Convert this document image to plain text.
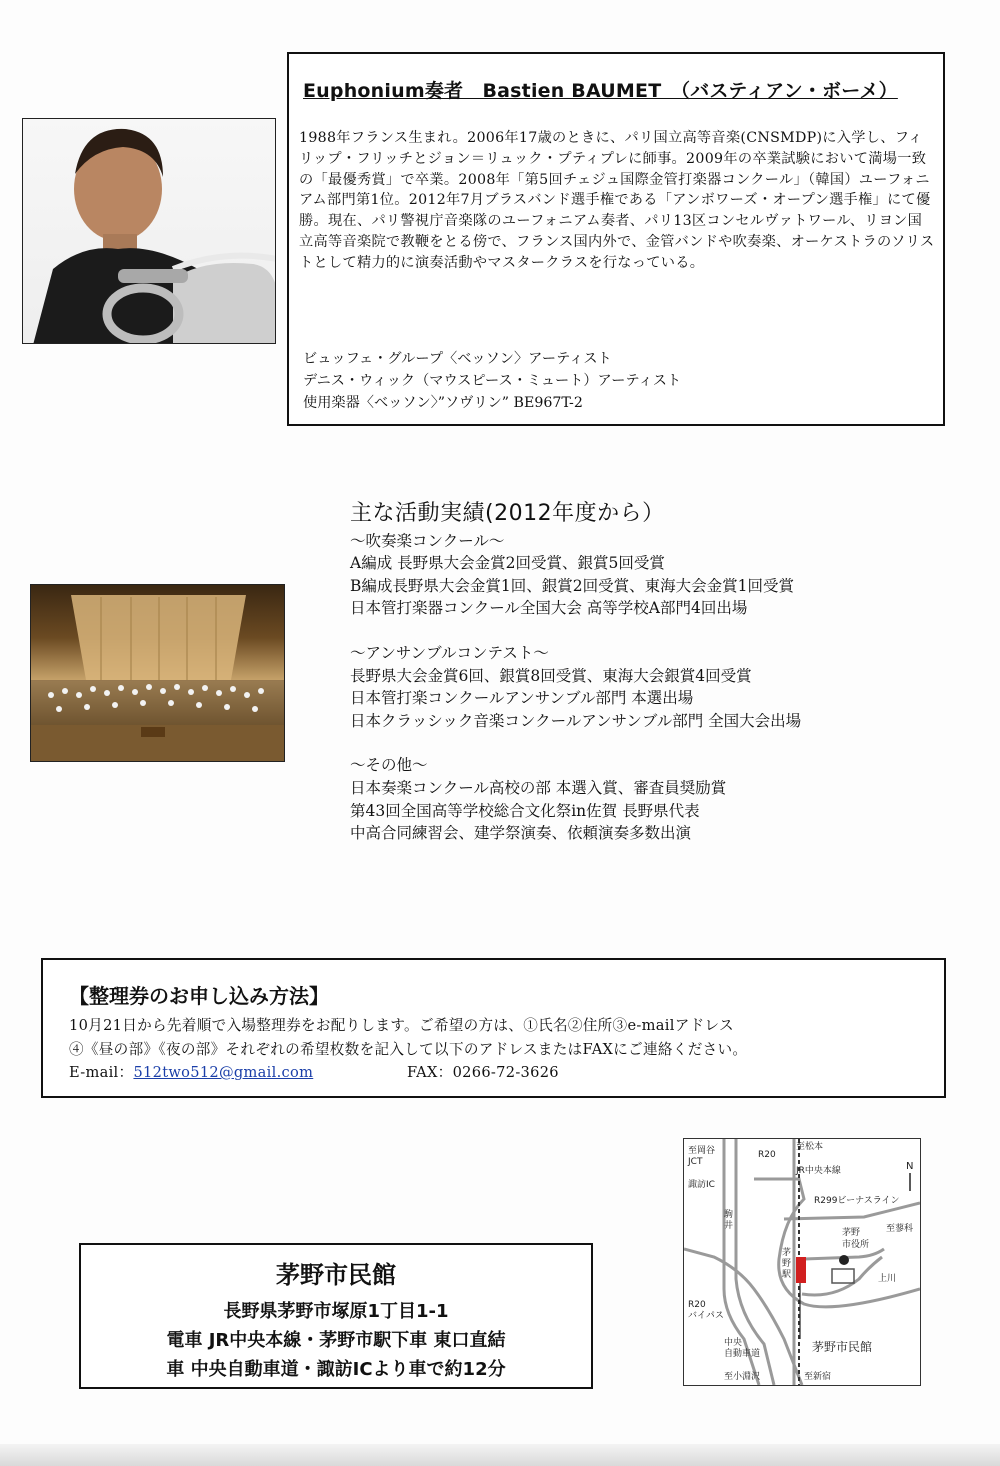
Euphonium奏者　Bastien BAUMET　（バスティアン・ボーメ）

1988年フランス生まれ。2006年17歳のときに、パリ国立高等音楽(CNSMDP)に入学し、フィリップ・フリッチとジョン＝リュック・プティプレに師事。2009年の卒業試験において満場一致の「最優秀賞」で卒業。2008年「第5回チェジュ国際金管打楽器コンクール」（韓国）ユーフォニアム部門第1位。2012年7月ブラスバンド選手権である「アンボワーズ・オープン選手権」にて優勝。現在、パリ警視庁音楽隊のユーフォニアム奏者、パリ13区コンセルヴァトワール、リヨン国立高等音楽院で教鞭をとる傍で、フランス国内外で、金管バンドや吹奏楽、オーケストラのソリストとして精力的に演奏活動やマスタークラスを行なっている。

ビュッフェ・グループ〈ベッソン〉アーティスト
デニス・ウィック（マウスピース・ミュート）アーティスト
使用楽器〈ベッソン〉”ソヴリン” BE967T-2
主な活動実績(2012年度から）
～吹奏楽コンクール～
A編成 長野県大会金賞2回受賞、銀賞5回受賞
B編成長野県大会金賞1回、銀賞2回受賞、東海大会金賞1回受賞
日本管打楽器コンクール全国大会 高等学校A部門4回出場
～アンサンブルコンテスト～
長野県大会金賞6回、銀賞8回受賞、東海大会銀賞4回受賞
日本管打楽コンクールアンサンブル部門 本選出場
日本クラッシック音楽コンクールアンサンブル部門 全国大会出場
～その他～
日本奏楽コンクール高校の部 本選入賞、審査員奨励賞
第43回全国高等学校総合文化祭in佐賀 長野県代表
中高合同練習会、建学祭演奏、依頼演奏多数出演
【整理券のお申し込み方法】
10月21日から先着順で入場整理券をお配りします。ご希望の方は、①氏名②住所③e-mailアドレス
④《昼の部》《夜の部》それぞれの希望枚数を記入して以下のアドレスまたはFAXにご連絡ください。
E-mail：512two512@gmail.com	FAX：0266-72-3626
茅野市民館
長野県茅野市塚原1丁目1-1
電車 JR中央本線・茅野市駅下車 東口直結
車 中央自動車道・諏訪ICより車で約12分
至岡谷
JCT
R20
至松本
JR中央本線
諏訪IC
R299ビーナスライン
N
至蓼科
茅野
市役所
駒
井
茅
野
駅	上川
R20
バイパス
中央
自動車道	茅野市民館
至小淵沢	至新宿
